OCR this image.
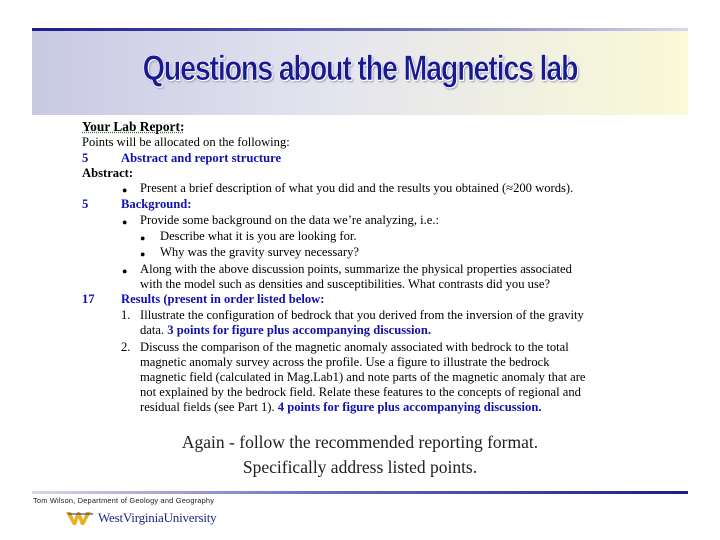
Questions about the Magnetics lab
Your Lab Report:
Points will be allocated on the following:
5	Abstract and report structure
Abstract:
● Present a brief description of what you did and the results you obtained (≈200 words).
5	Background:
● Provide some background on the data we’re analyzing, i.e.:
● Describe what it is you are looking for.
● Why was the gravity survey necessary?
● Along with the above discussion points, summarize the physical properties associated
with the model such as densities and susceptibilities. What contrasts did you use?
17 Results (present in order listed below:
1. Illustrate the configuration of bedrock that you derived from the inversion of the gravity
data. 3 points for figure plus accompanying discussion.
2. Discuss the comparison of the magnetic anomaly associated with bedrock to the total
magnetic anomaly survey across the profile. Use a figure to illustrate the bedrock
magnetic field (calculated in Mag.Lab1) and note parts of the magnetic anomaly that are
not explained by the bedrock field. Relate these features to the concepts of regional and
residual fields (see Part 1). 4 points for figure plus accompanying discussion.
Again - follow the recommended reporting format.
Specifically address listed points.
Tom Wilson, Department of Geology and Geography
WestVirginiaUniversity
